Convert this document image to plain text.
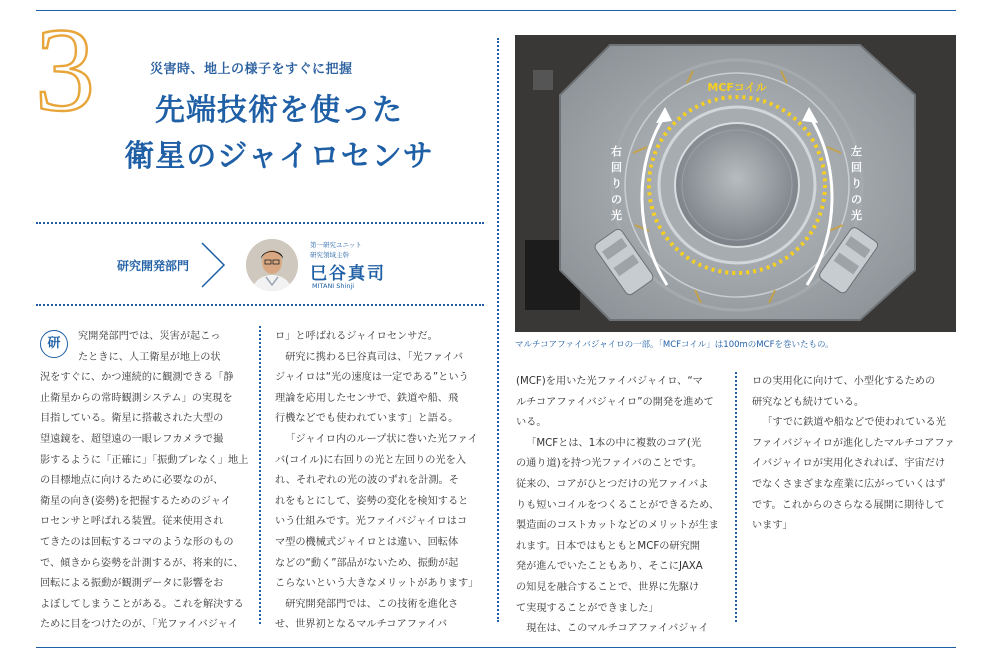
3	災害時、地上の様子をすぐに把握
先端技術を使った
衛星のジャイロセンサ
研究開発部門
第一研究ユニット
研究領域主幹
巳谷真司
MITANI Shinji
研	究開発部門では、災害が起こっ

たときに、人工衛星が地上の状

況をすぐに、かつ連続的に観測できる「静

止衛星からの常時観測システム」の実現を

目指している。衛星に搭載された大型の

望遠鏡を、超望遠の一眼レフカメラで撮

影するように「正確に」「振動ブレなく」地上

の目標地点に向けるために必要なのが、

衛星の向き(姿勢)を把握するためのジャイ

ロセンサと呼ばれる装置。従来使用され

てきたのは回転するコマのような形のもの

で、傾きから姿勢を計測するが、将来的に、

回転による振動が観測データに影響をお

よぼしてしまうことがある。これを解決する

ために目をつけたのが、「光ファイバジャイ

ロ」と呼ばれるジャイロセンサだ。

研究に携わる巳谷真司は、「光ファイバ

ジャイロは“光の速度は一定である”という

理論を応用したセンサで、鉄道や船、飛

行機などでも使われています」と語る。

「ジャイロ内のループ状に巻いた光ファイ

バ(コイル)に右回りの光と左回りの光を入

れ、それぞれの光の波のずれを計測。そ

れをもとにして、姿勢の変化を検知すると

いう仕組みです。光ファイバジャイロはコ

マ型の機械式ジャイロとは違い、回転体

などの“動く”部品がないため、振動が起

こらないという大きなメリットがあります」

研究開発部門では、この技術を進化さ

せ、世界初となるマルチコアファイバ

(MCF)を用いた光ファイバジャイロ、“マ

ルチコアファイバジャイロ”の開発を進めて

いる。

「MCFとは、1本の中に複数のコア(光

の通り道)を持つ光ファイバのことです。

従来の、コアがひとつだけの光ファイバよ

りも短いコイルをつくることができるため、

製造面のコストカットなどのメリットが生ま

れます。日本ではもともとMCFの研究開

発が進んでいたこともあり、そこにJAXA

の知見を融合することで、世界に先駆け

て実現することができました」

現在は、このマルチコアファイバジャイ

ロの実用化に向けて、小型化するための

研究なども続けている。

「すでに鉄道や船などで使われている光

ファイバジャイロが進化したマルチコアファ

イバジャイロが実用化されれば、宇宙だけ

でなくさまざまな産業に広がっていくはず

です。これからのさらなる展開に期待して

います」

MCFコイル
右回りの光
左回りの光
マルチコアファイバジャイロの一部。「MCFコイル」は100mのMCFを巻いたもの。
